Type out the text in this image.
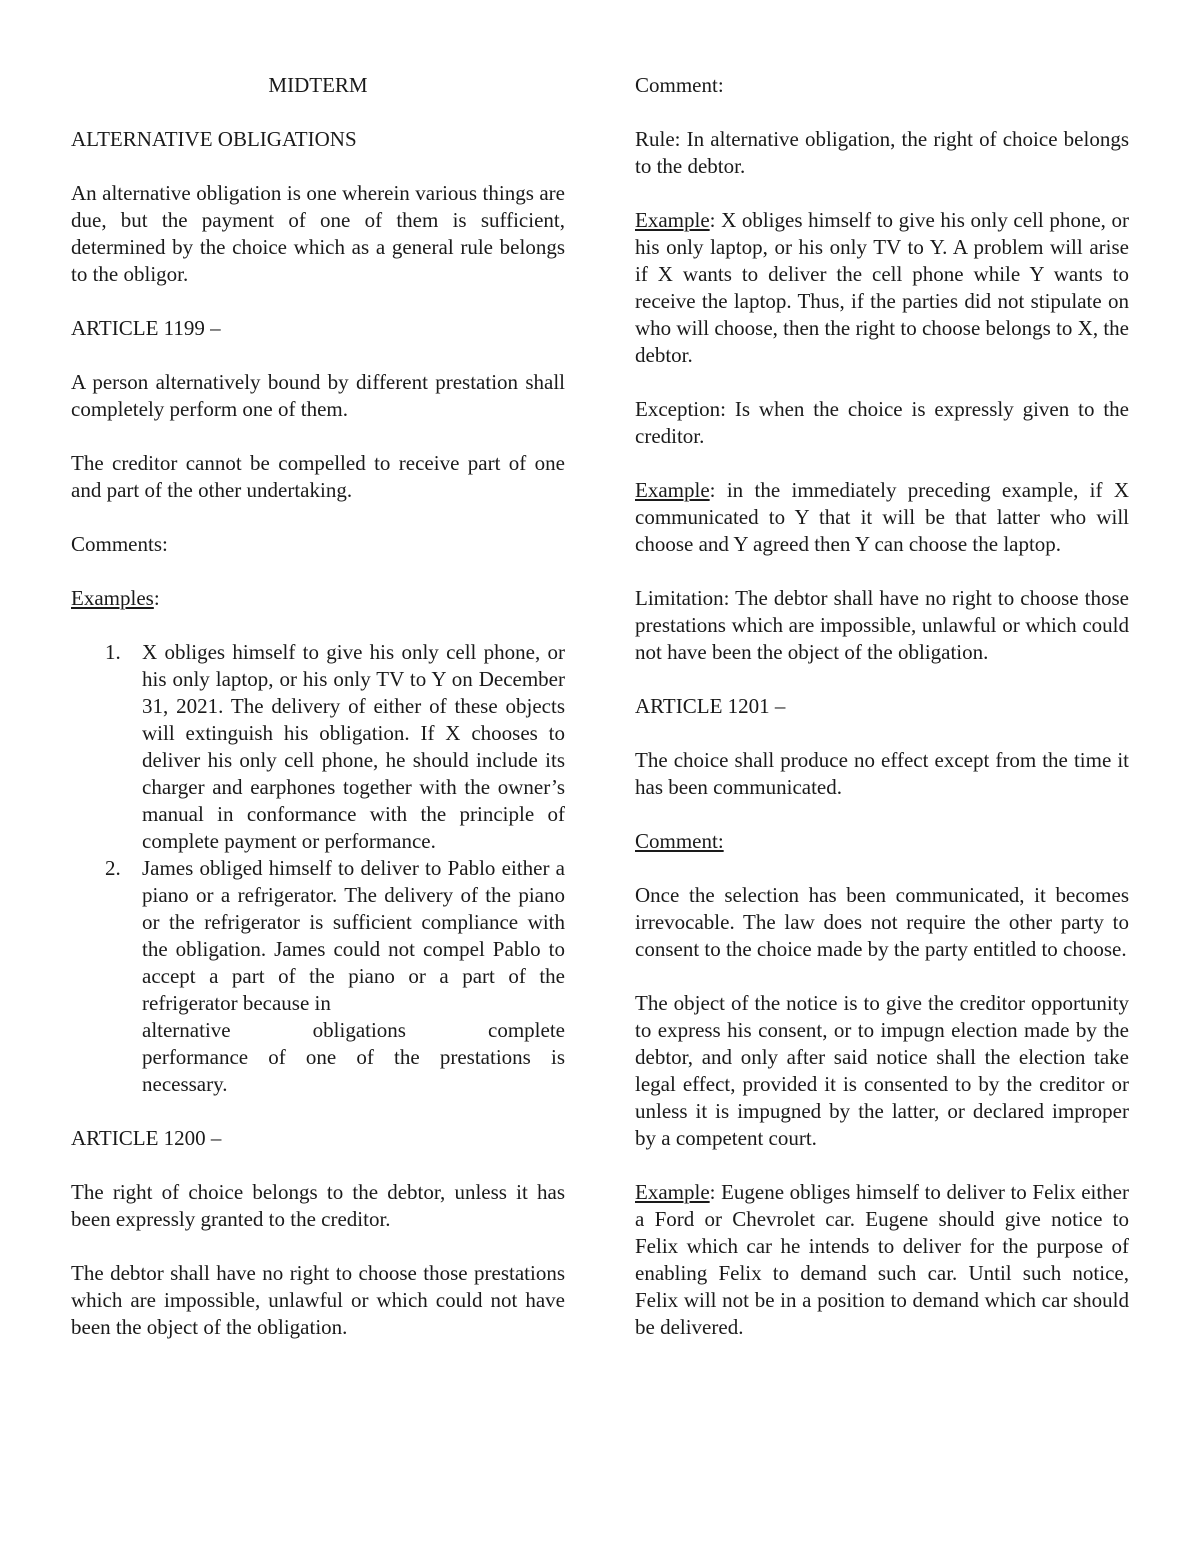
MIDTERM

ALTERNATIVE OBLIGATIONS

An alternative obligation is one wherein various things are due, but the payment of one of them is sufficient, determined by the choice which as a general rule belongs to the obligor.

ARTICLE 1199 –

A person alternatively bound by different prestation shall completely perform one of them.

The creditor cannot be compelled to receive part of one and part of the other undertaking.

Comments:

Examples:

1. X obliges himself to give his only cell phone, or his only laptop, or his only TV to Y on December 31, 2021. The delivery of either of these objects will extinguish his obligation. If X chooses to deliver his only cell phone, he should include its charger and earphones together with the owner’s manual in conformance with the principle of complete payment or performance.
2. James obliged himself to deliver to Pablo either a piano or a refrigerator. The delivery of the piano or the refrigerator is sufficient compliance with the obligation. James could not compel Pablo to accept a part of the piano or a part of the refrigerator because in
alternative obligations complete
performance of one of the prestations is necessary.

ARTICLE 1200 –

The right of choice belongs to the debtor, unless it has been expressly granted to the creditor.

The debtor shall have no right to choose those prestations which are impossible, unlawful or which could not have been the object of the obligation.

Comment:

Rule: In alternative obligation, the right of choice belongs to the debtor.

Example: X obliges himself to give his only cell phone, or his only laptop, or his only TV to Y. A problem will arise if X wants to deliver the cell phone while Y wants to receive the laptop. Thus, if the parties did not stipulate on who will choose, then the right to choose belongs to X, the debtor.

Exception: Is when the choice is expressly given to the creditor.

Example: in the immediately preceding example, if X communicated to Y that it will be that latter who will choose and Y agreed then Y can choose the laptop.

Limitation: The debtor shall have no right to choose those prestations which are impossible, unlawful or which could not have been the object of the obligation.

ARTICLE 1201 –

The choice shall produce no effect except from the time it has been communicated.

Comment:

Once the selection has been communicated, it becomes irrevocable. The law does not require the other party to consent to the choice made by the party entitled to choose.

The object of the notice is to give the creditor opportunity to express his consent, or to impugn election made by the debtor, and only after said notice shall the election take legal effect, provided it is consented to by the creditor or unless it is impugned by the latter, or declared improper by a competent court.

Example: Eugene obliges himself to deliver to Felix either a Ford or Chevrolet car. Eugene should give notice to Felix which car he intends to deliver for the purpose of enabling Felix to demand such car. Until such notice, Felix will not be in a position to demand which car should be delivered.
